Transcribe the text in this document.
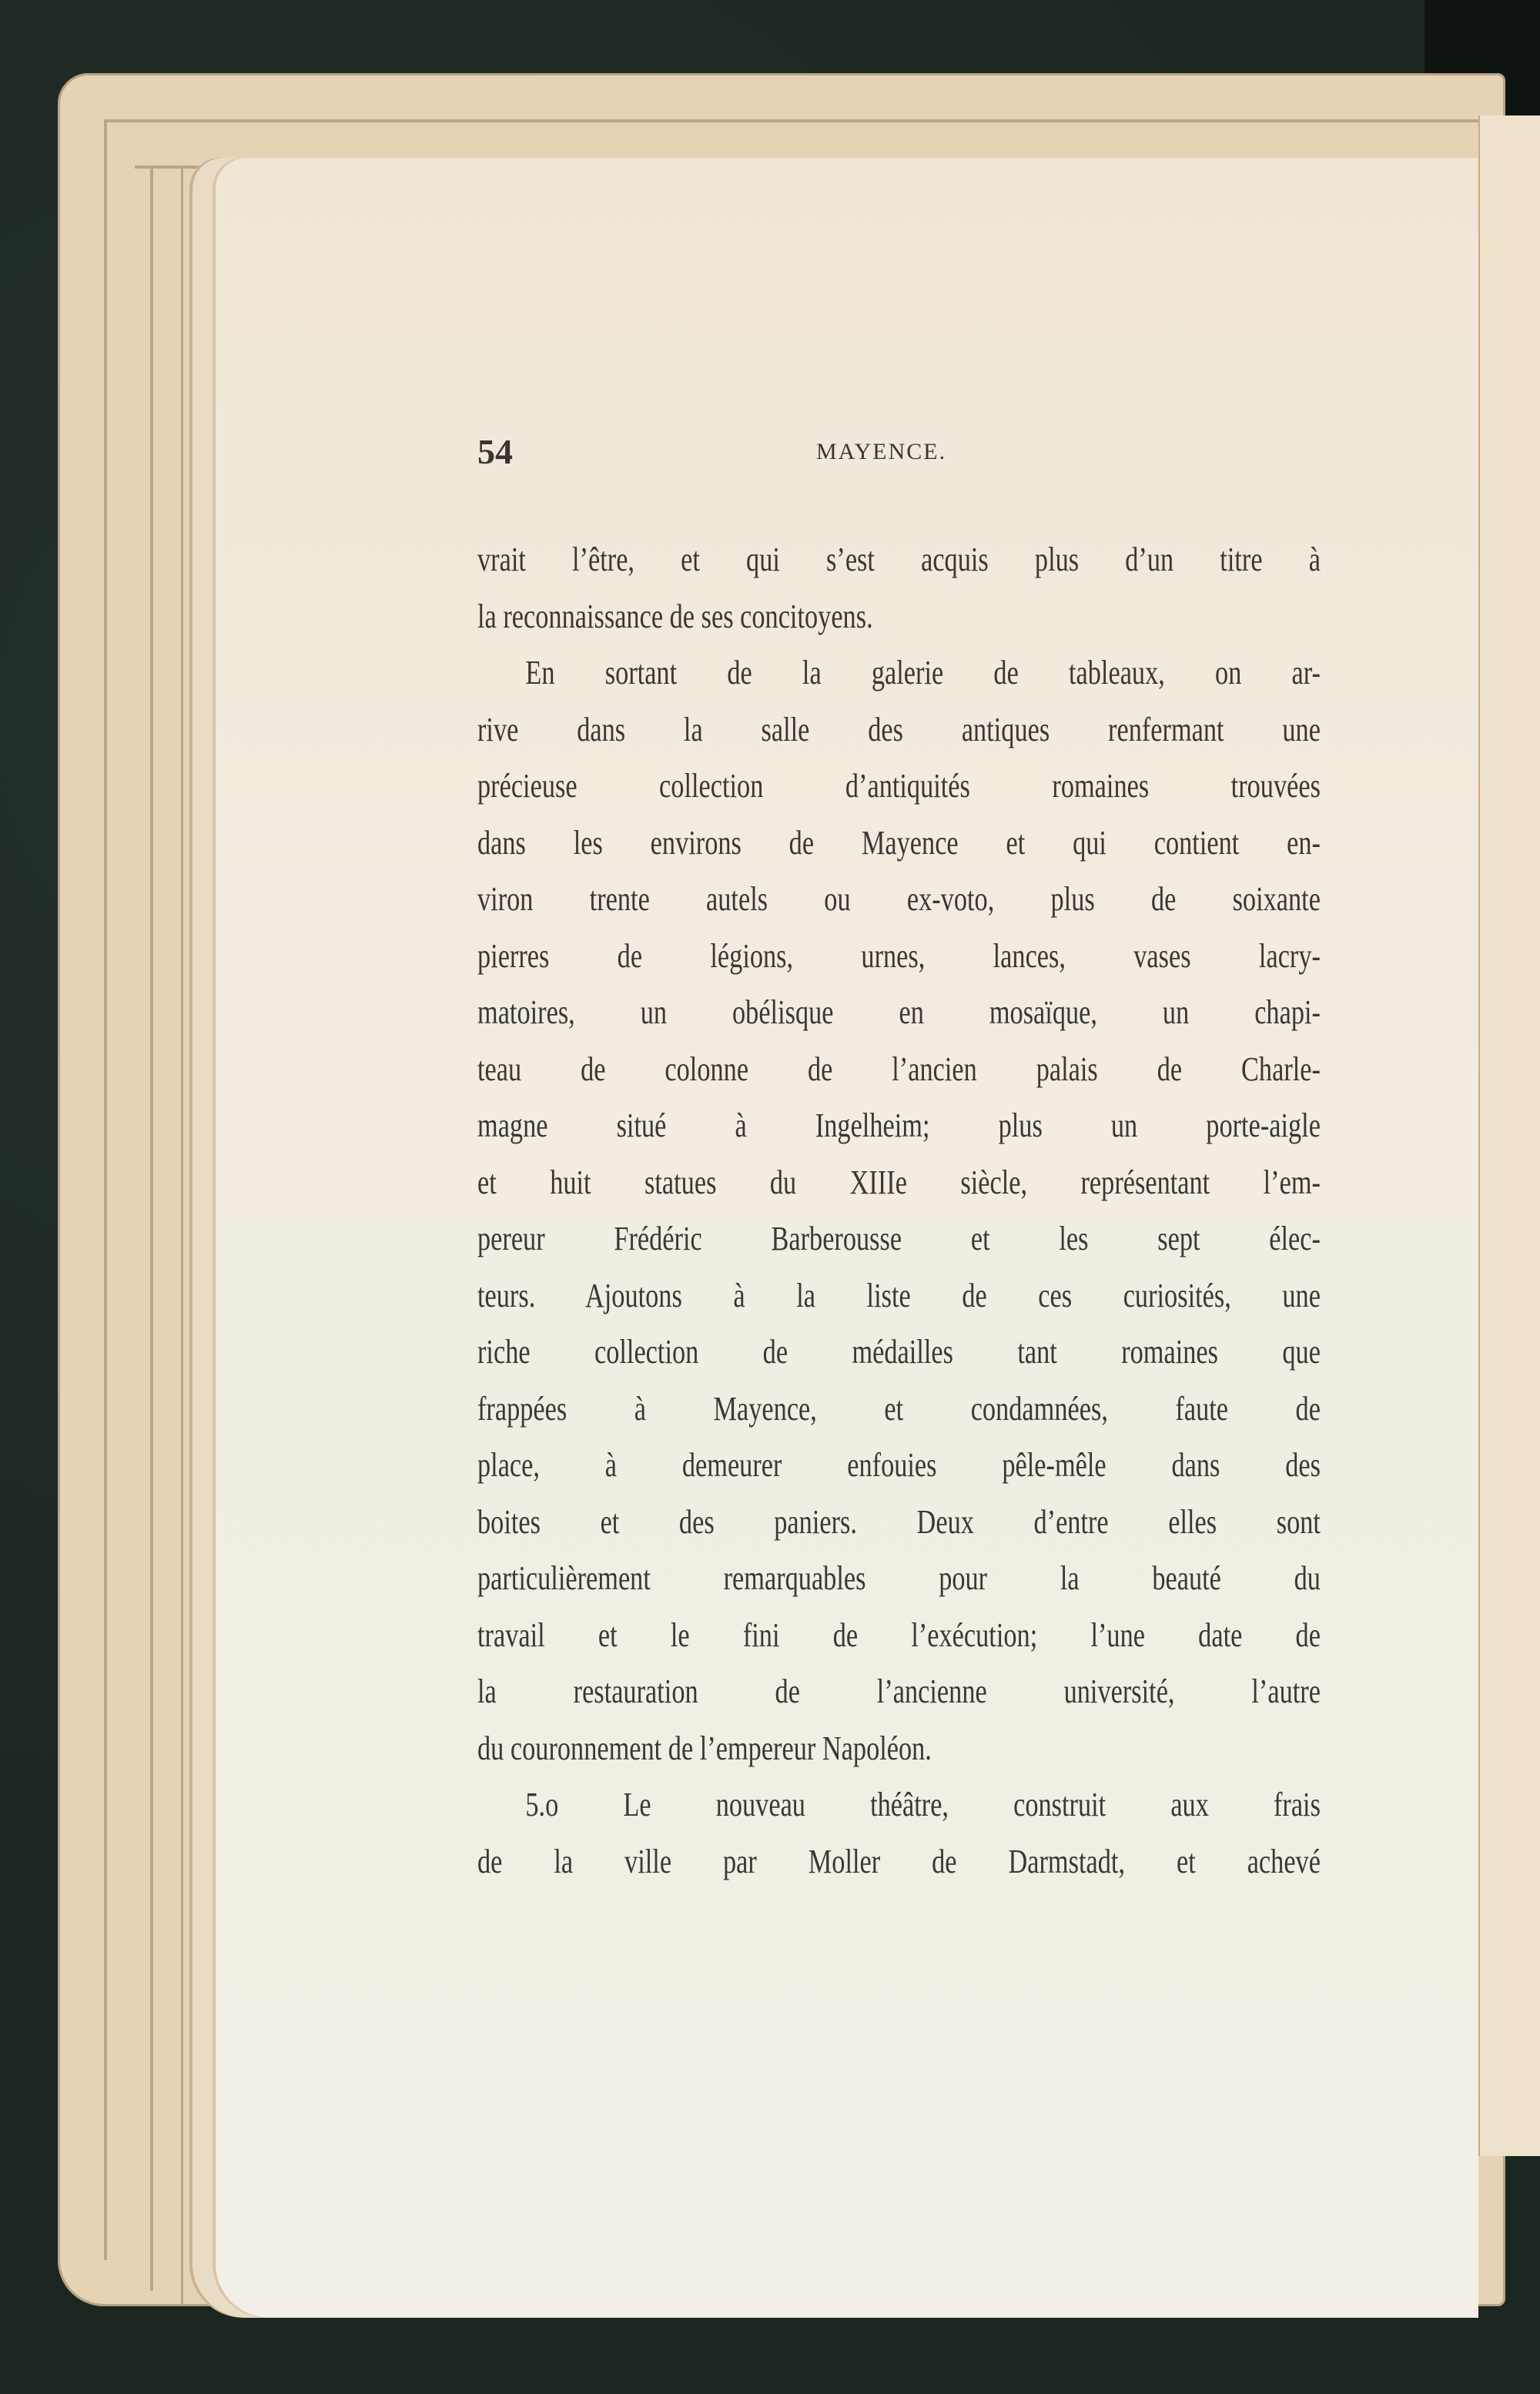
54	MAYENCE.
vrait l’être, et qui s’est acquis plus d’un titre à
la reconnaissance de ses concitoyens.
En sortant de la galerie de tableaux, on ar-
rive dans la salle des antiques renfermant une
précieuse collection d’antiquités romaines trouvées
dans les environs de Mayence et qui contient en-
viron trente autels ou ex-voto, plus de soixante
pierres de légions, urnes, lances, vases lacry-
matoires, un obélisque en mosaïque, un chapi-
teau de colonne de l’ancien palais de Charle-
magne situé à Ingelheim; plus un porte-aigle
et huit statues du XIIIe siècle, représentant l’em-
pereur Frédéric Barberousse et les sept élec-
teurs. Ajoutons à la liste de ces curiosités, une
riche collection de médailles tant romaines que
frappées à Mayence, et condamnées, faute de
place, à demeurer enfouies pêle-mêle dans des
boites et des paniers. Deux d’entre elles sont
particulièrement remarquables pour la beauté du
travail et le fini de l’exécution; l’une date de
la restauration de l’ancienne université, l’autre
du couronnement de l’empereur Napoléon.
5.o Le nouveau théâtre, construit aux frais
de la ville par Moller de Darmstadt, et achevé
